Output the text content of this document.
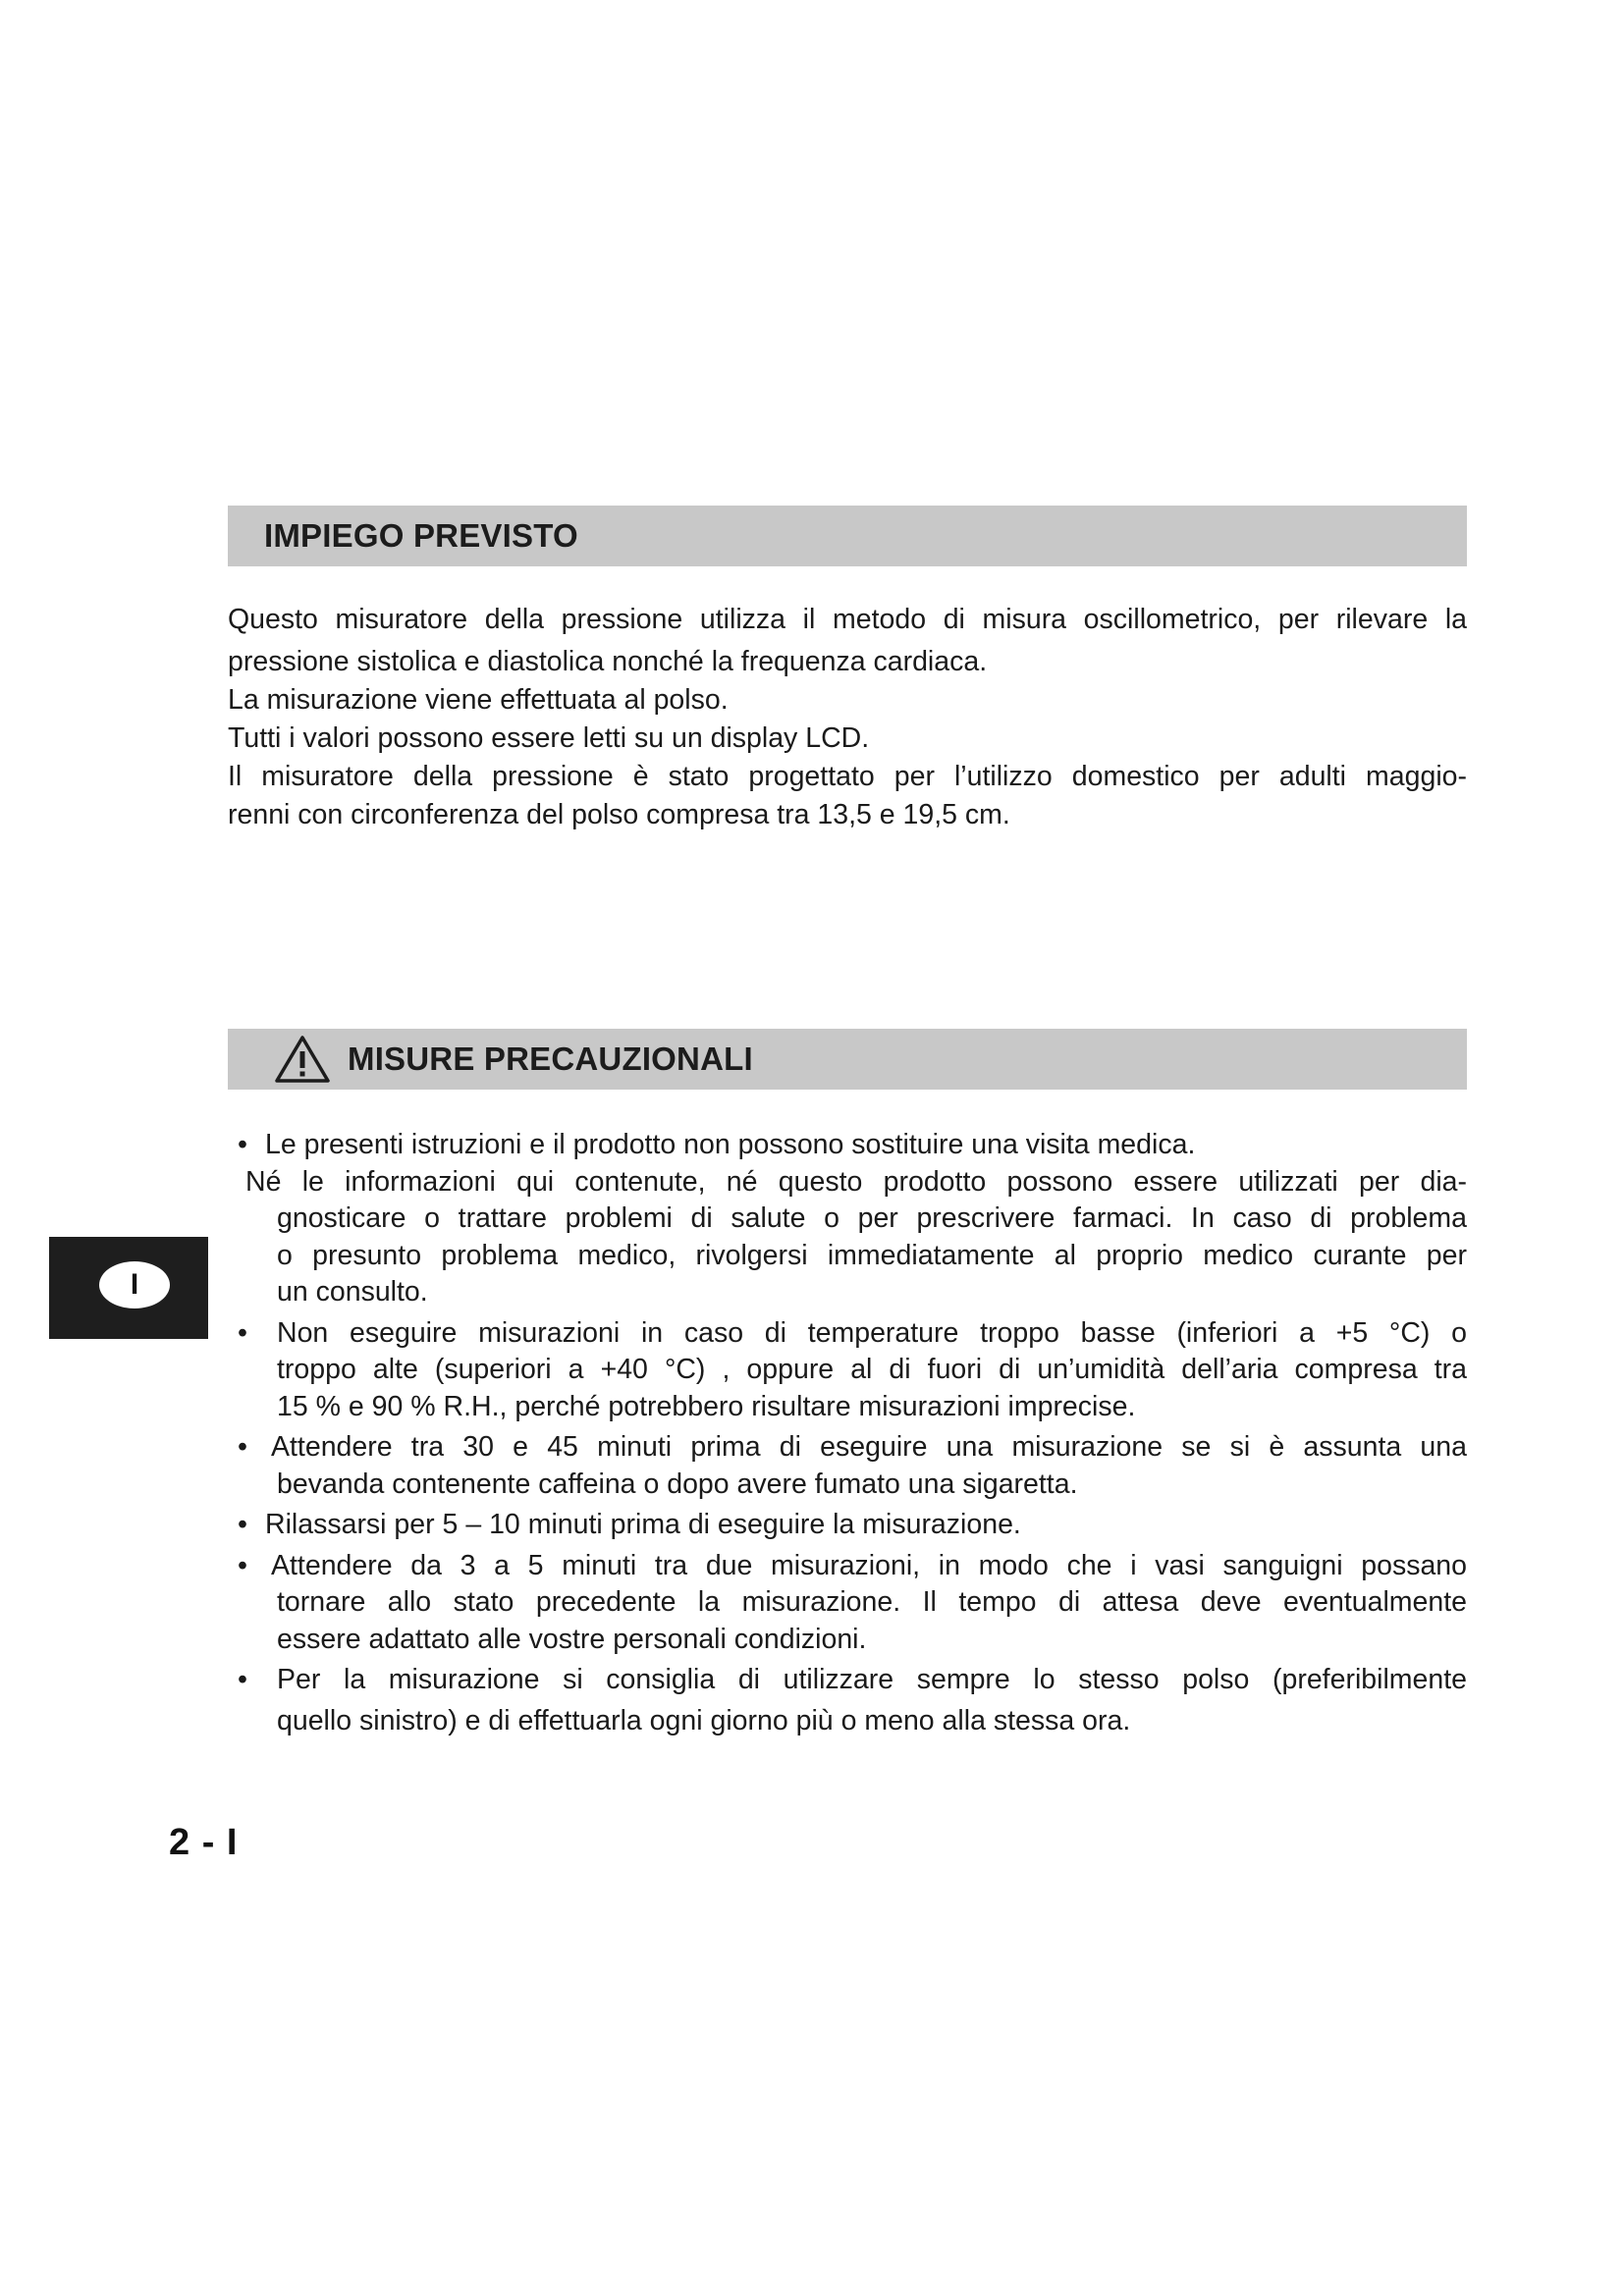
IMPIEGO PREVISTO
Questo misuratore della pressione utilizza il metodo di misura oscillometrico, per rilevare la
pressione sistolica e diastolica nonché la frequenza cardiaca.
La misurazione viene effettuata al polso.
Tutti i valori possono essere letti su un display LCD.
Il misuratore della pressione è stato progettato per l’utilizzo domestico per adulti maggio-
renni con circonferenza del polso compresa tra 13,5 e 19,5 cm.
MISURE PRECAUZIONALI
• Le presenti istruzioni e il prodotto non possono sostituire una visita medica.
Né le informazioni qui contenute, né questo prodotto possono essere utilizzati per dia-
gnosticare o trattare problemi di salute o per prescrivere farmaci. In caso di problema
o presunto problema medico, rivolgersi immediatamente al proprio medico curante per
un consulto.
•	Non eseguire misurazioni in caso di temperature troppo basse (inferiori a +5 °C) o
troppo alte (superiori a +40 °C) , oppure al di fuori di un’umidità dell’aria compresa tra
15 % e 90 % R.H., perché potrebbero risultare misurazioni imprecise.
• Attendere tra 30 e 45 minuti prima di eseguire una misurazione se si è assunta una
bevanda contenente caffeina o dopo avere fumato una sigaretta.
• Rilassarsi per 5 – 10 minuti prima di eseguire la misurazione.
• Attendere da 3 a 5 minuti tra due misurazioni, in modo che i vasi sanguigni possano
tornare allo stato precedente la misurazione. Il tempo di attesa deve eventualmente
essere adattato alle vostre personali condizioni.
•	Per la misurazione si consiglia di utilizzare sempre lo stesso polso (preferibilmente
quello sinistro) e di effettuarla ogni giorno più o meno alla stessa ora.
I
2 - I
